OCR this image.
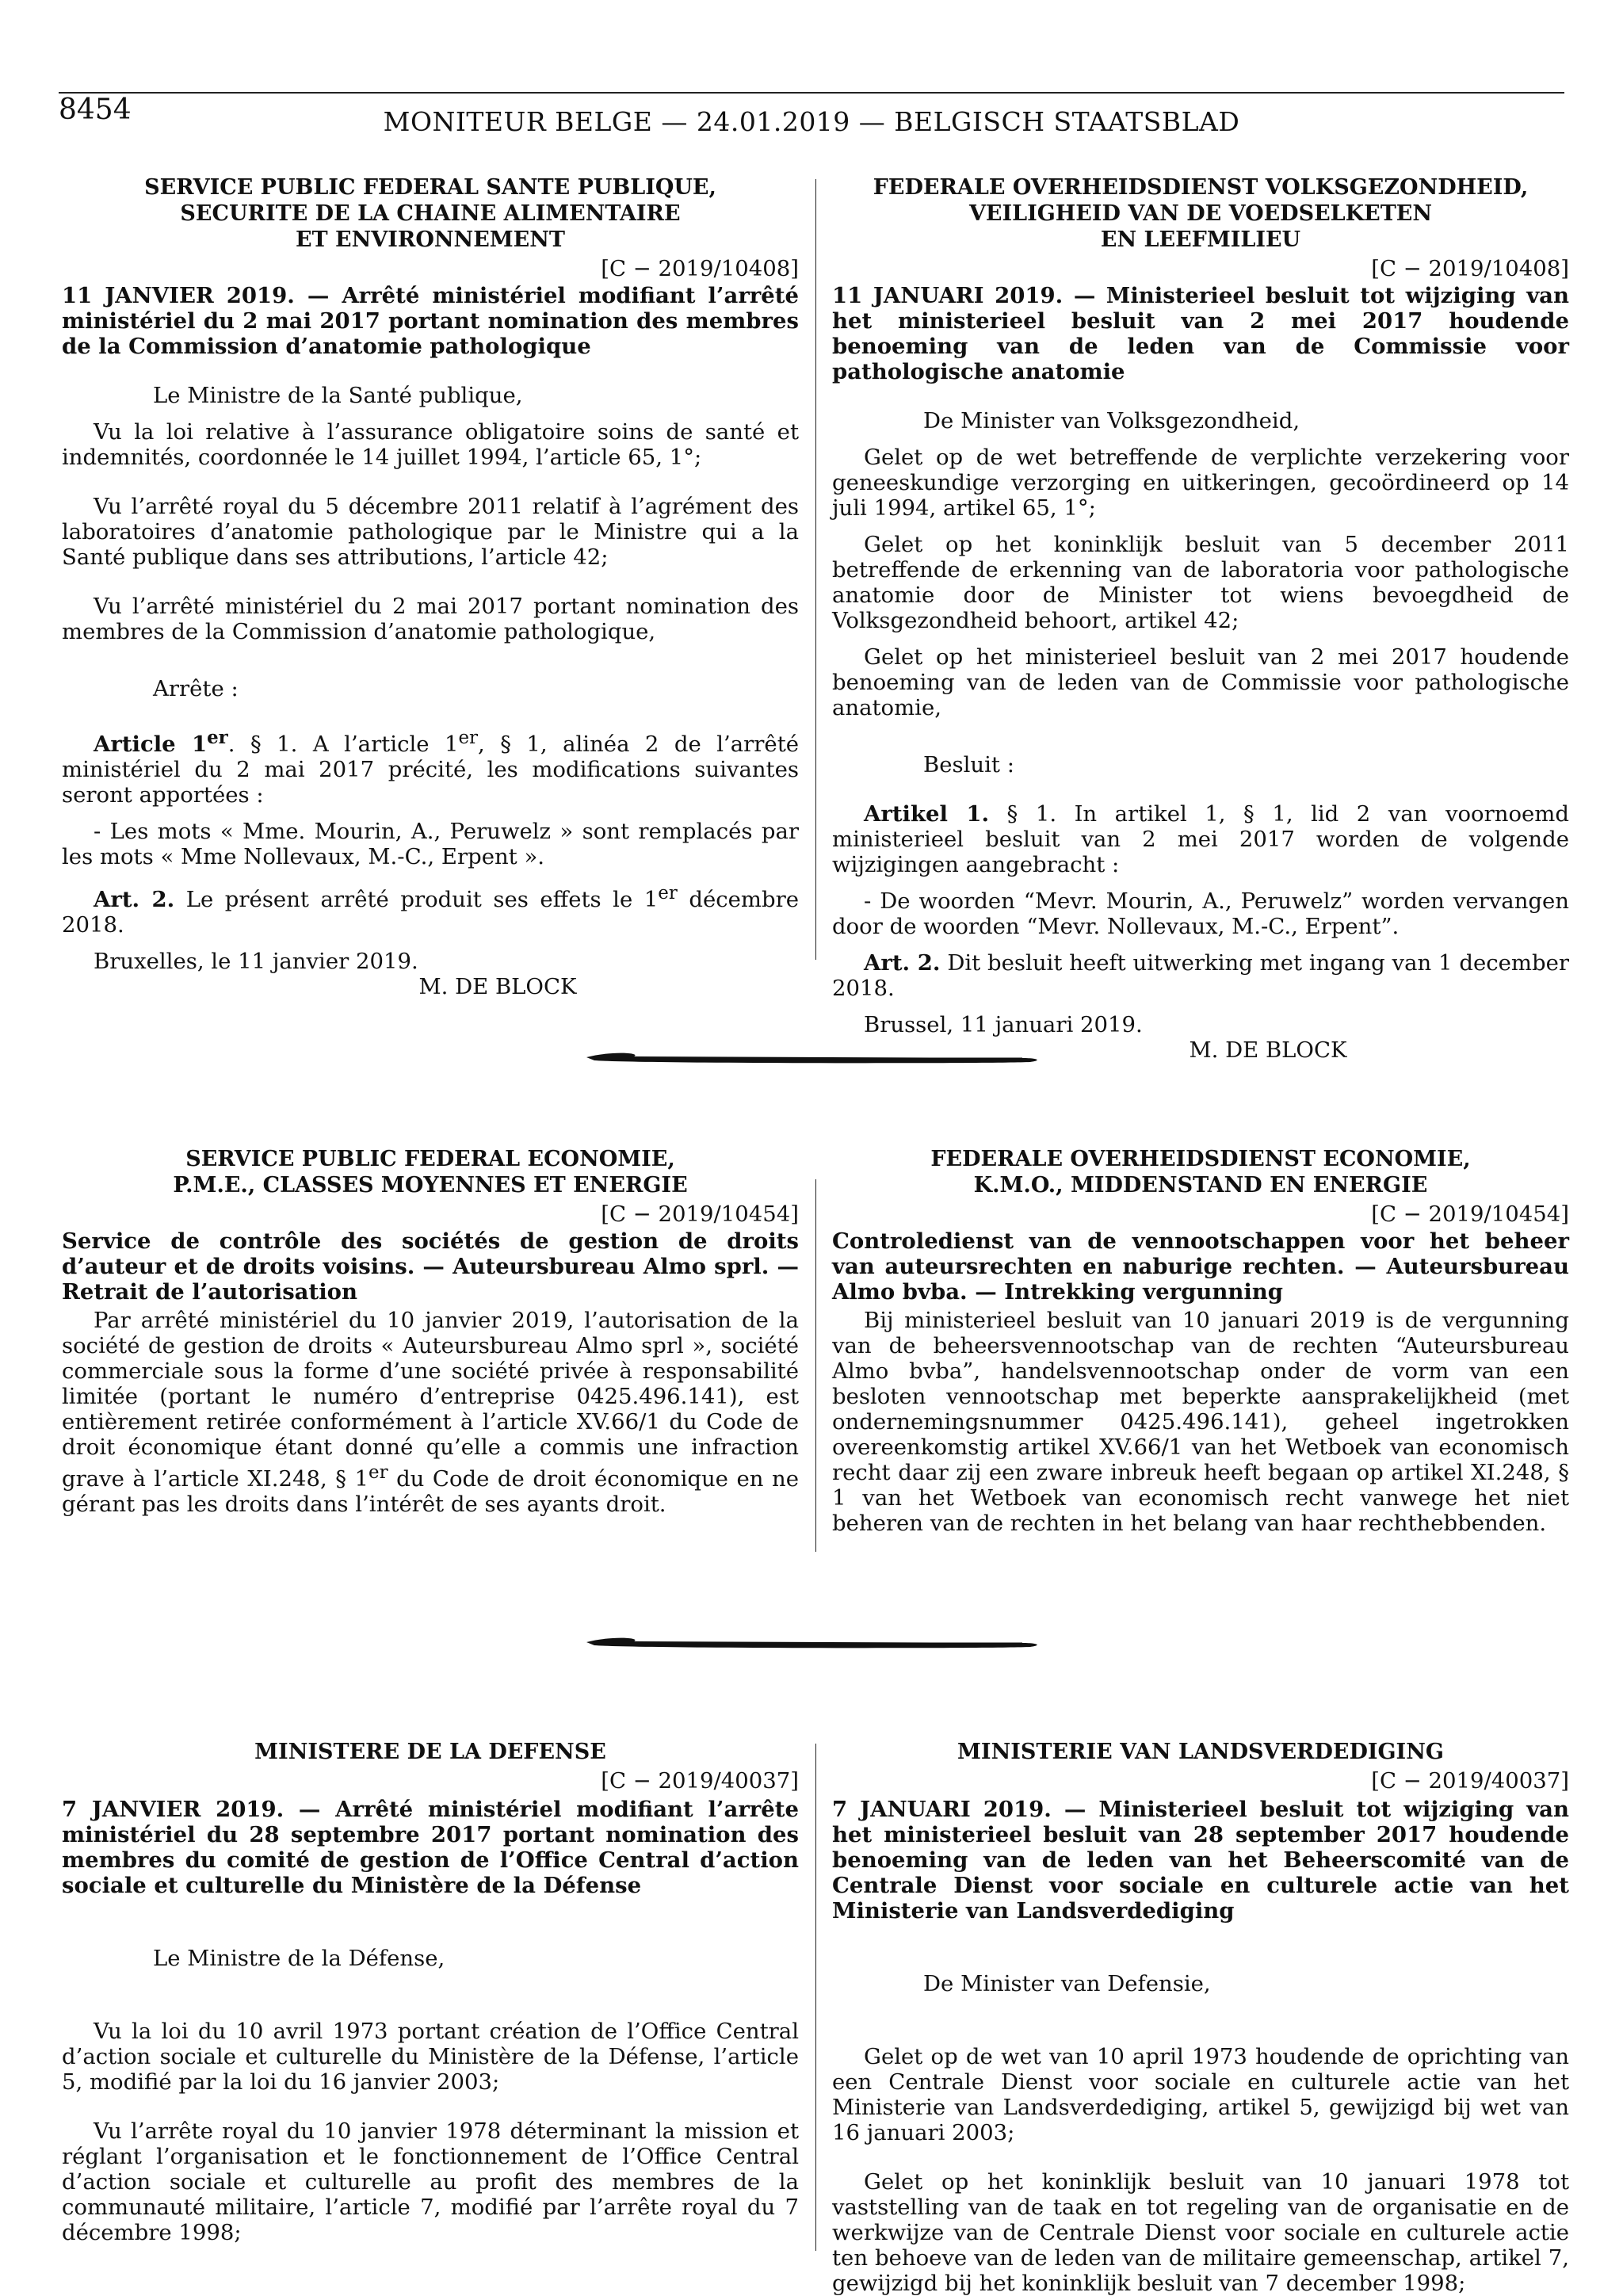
8454	MONITEUR BELGE — 24.01.2019 — BELGISCH STAATSBLAD
SERVICE PUBLIC FEDERAL SANTE PUBLIQUE,
SECURITE DE LA CHAINE ALIMENTAIRE
ET ENVIRONNEMENT
[C − 2019/10408]
11 JANVIER 2019. — Arrêté ministériel modifiant l’arrêté ministériel du 2 mai 2017 portant nomination des membres de la Commission d’anatomie pathologique
Le Ministre de la Santé publique,

Vu la loi relative à l’assurance obligatoire soins de santé et indemnités, coordonnée le 14 juillet 1994, l’article 65, 1°;

Vu l’arrêté royal du 5 décembre 2011 relatif à l’agrément des laboratoires d’anatomie pathologique par le Ministre qui a la Santé publique dans ses attributions, l’article 42;

Vu l’arrêté ministériel du 2 mai 2017 portant nomination des membres de la Commission d’anatomie pathologique,

Arrête :

Article 1er. § 1. A l’article 1er, § 1, alinéa 2 de l’arrêté ministériel du 2 mai 2017 précité, les modifications suivantes seront apportées :

- Les mots « Mme. Mourin, A., Peruwelz » sont remplacés par les mots « Mme Nollevaux, M.-C., Erpent ».

Art. 2. Le présent arrêté produit ses effets le 1er décembre 2018.

Bruxelles, le 11 janvier 2019.

M. DE BLOCK
FEDERALE OVERHEIDSDIENST VOLKSGEZONDHEID,
VEILIGHEID VAN DE VOEDSELKETEN
EN LEEFMILIEU
[C − 2019/10408]
11 JANUARI 2019. — Ministerieel besluit tot wijziging van het ministerieel besluit van 2 mei 2017 houdende benoeming van de leden van de Commissie voor pathologische anatomie
De Minister van Volksgezondheid,

Gelet op de wet betreffende de verplichte verzekering voor geneeskundige verzorging en uitkeringen, gecoördineerd op 14 juli 1994, artikel 65, 1°;

Gelet op het koninklijk besluit van 5 december 2011 betreffende de erkenning van de laboratoria voor pathologische anatomie door de Minister tot wiens bevoegdheid de Volksgezondheid behoort, artikel 42;

Gelet op het ministerieel besluit van 2 mei 2017 houdende benoeming van de leden van de Commissie voor pathologische anatomie,

Besluit :

Artikel 1. § 1. In artikel 1, § 1, lid 2 van voornoemd ministerieel besluit van 2 mei 2017 worden de volgende wijzigingen aangebracht :

- De woorden “Mevr. Mourin, A., Peruwelz” worden vervangen door de woorden “Mevr. Nollevaux, M.-C., Erpent”.

Art. 2. Dit besluit heeft uitwerking met ingang van 1 december 2018.

Brussel, 11 januari 2019.

M. DE BLOCK
SERVICE PUBLIC FEDERAL ECONOMIE,
P.M.E., CLASSES MOYENNES ET ENERGIE
[C − 2019/10454]
Service de contrôle des sociétés de gestion de droits d’auteur et de droits voisins. — Auteursbureau Almo sprl. — Retrait de l’autorisation

Par arrêté ministériel du 10 janvier 2019, l’autorisation de la société de gestion de droits « Auteursbureau Almo sprl », société commerciale sous la forme d’une société privée à responsabilité limitée (portant le numéro d’entreprise 0425.496.141), est entièrement retirée conformément à l’article XV.66/1 du Code de droit économique étant donné qu’elle a commis une infraction grave à l’article XI.248, § 1er du Code de droit économique en ne gérant pas les droits dans l’intérêt de ses ayants droit.

FEDERALE OVERHEIDSDIENST ECONOMIE,
K.M.O., MIDDENSTAND EN ENERGIE
[C − 2019/10454]
Controledienst van de vennootschappen voor het beheer van auteursrechten en naburige rechten. — Auteursbureau Almo bvba. — Intrekking vergunning

Bij ministerieel besluit van 10 januari 2019 is de vergunning van de beheersvennootschap van de rechten “Auteursbureau Almo bvba”, handelsvennootschap onder de vorm van een besloten vennootschap met beperkte aansprakelijkheid (met ondernemingsnummer 0425.496.141), geheel ingetrokken overeenkomstig artikel XV.66/1 van het Wetboek van economisch recht daar zij een zware inbreuk heeft begaan op artikel XI.248, § 1 van het Wetboek van economisch recht vanwege het niet beheren van de rechten in het belang van haar rechthebbenden.

MINISTERE DE LA DEFENSE
[C − 2019/40037]
7 JANVIER 2019. — Arrêté ministériel modifiant l’arrête ministériel du 28 septembre 2017 portant nomination des membres du comité de gestion de l’Office Central d’action sociale et culturelle du Ministère de la Défense
Le Ministre de la Défense,

Vu la loi du 10 avril 1973 portant création de l’Office Central d’action sociale et culturelle du Ministère de la Défense, l’article 5, modifié par la loi du 16 janvier 2003;

Vu l’arrête royal du 10 janvier 1978 déterminant la mission et réglant l’organisation et le fonctionnement de l’Office Central d’action sociale et culturelle au profit des membres de la communauté militaire, l’article 7, modifié par l’arrête royal du 7 décembre 1998;

MINISTERIE VAN LANDSVERDEDIGING
[C − 2019/40037]
7 JANUARI 2019. — Ministerieel besluit tot wijziging van het ministerieel besluit van 28 september 2017 houdende benoeming van de leden van het Beheerscomité van de Centrale Dienst voor sociale en culturele actie van het Ministerie van Landsverdediging
De Minister van Defensie,

Gelet op de wet van 10 april 1973 houdende de oprichting van een Centrale Dienst voor sociale en culturele actie van het Ministerie van Landsverdediging, artikel 5, gewijzigd bij wet van 16 januari 2003;

Gelet op het koninklijk besluit van 10 januari 1978 tot vaststelling van de taak en tot regeling van de organisatie en de werkwijze van de Centrale Dienst voor sociale en culturele actie ten behoeve van de leden van de militaire gemeenschap, artikel 7, gewijzigd bij het koninklijk besluit van 7 december 1998;
